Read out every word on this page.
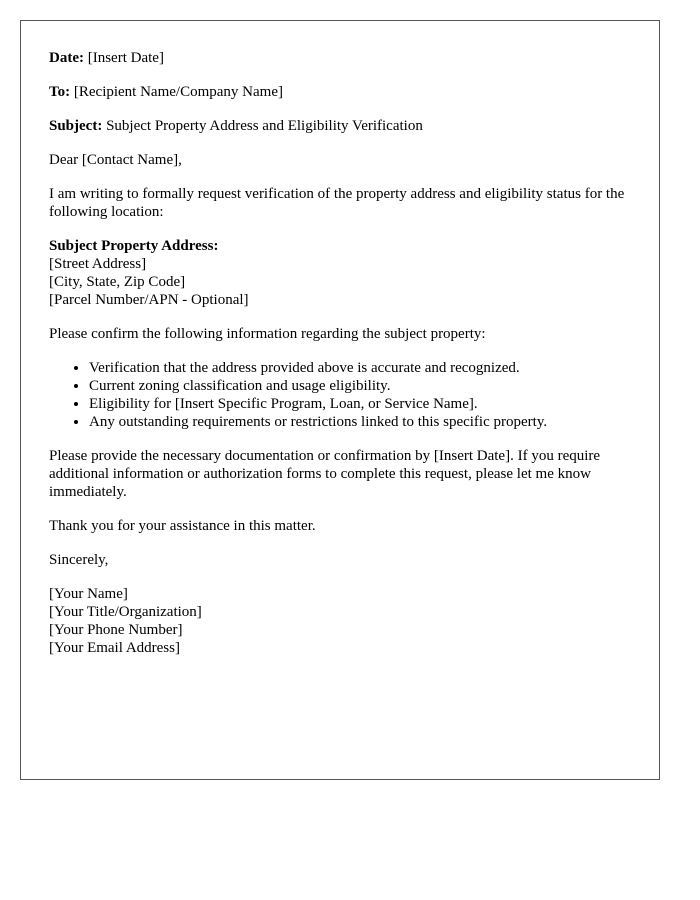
Date: [Insert Date]

To: [Recipient Name/Company Name]

Subject: Subject Property Address and Eligibility Verification

Dear [Contact Name],

I am writing to formally request verification of the property address and eligibility status for the following location:

Subject Property Address:
[Street Address]
[City, State, Zip Code]
[Parcel Number/APN - Optional]

Please confirm the following information regarding the subject property:

• Verification that the address provided above is accurate and recognized.
• Current zoning classification and usage eligibility.
• Eligibility for [Insert Specific Program, Loan, or Service Name].
• Any outstanding requirements or restrictions linked to this specific property.

Please provide the necessary documentation or confirmation by [Insert Date]. If you require additional information or authorization forms to complete this request, please let me know immediately.

Thank you for your assistance in this matter.

Sincerely,

[Your Name]
[Your Title/Organization]
[Your Phone Number]
[Your Email Address]
